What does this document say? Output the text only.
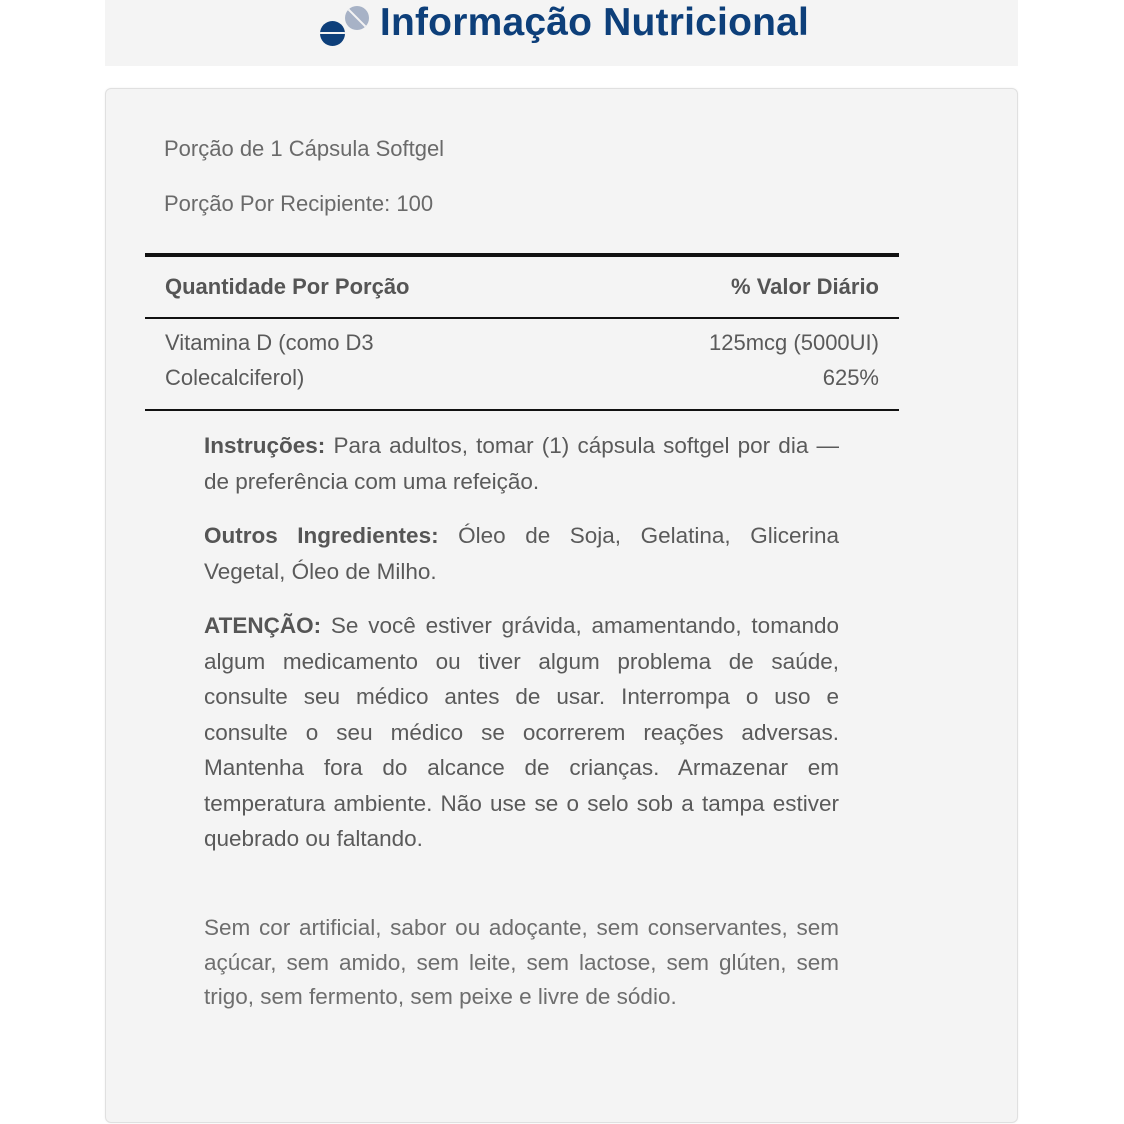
Informação Nutricional
Porção de 1 Cápsula Softgel
Porção Por Recipiente: 100
Quantidade Por Porção	% Valor Diário
Vitamina D (como D3
Colecalciferol)
125mcg (5000UI)
625%
Instruções: Para adultos, tomar (1) cápsula softgel por dia — de preferência com uma refeição.
Outros Ingredientes: Óleo de Soja, Gelatina, Glicerina Vegetal, Óleo de Milho.
ATENÇÃO: Se você estiver grávida, amamentando, tomando algum medicamento ou tiver algum problema de saúde, consulte seu médico antes de usar. Interrompa o uso e consulte o seu médico se ocorrerem reações adversas. Mantenha fora do alcance de crianças. Armazenar em temperatura ambiente. Não use se o selo sob a tampa estiver quebrado ou faltando.
Sem cor artificial, sabor ou adoçante, sem conservantes, sem açúcar, sem amido, sem leite, sem lactose, sem glúten, sem trigo, sem fermento, sem peixe e livre de sódio.
